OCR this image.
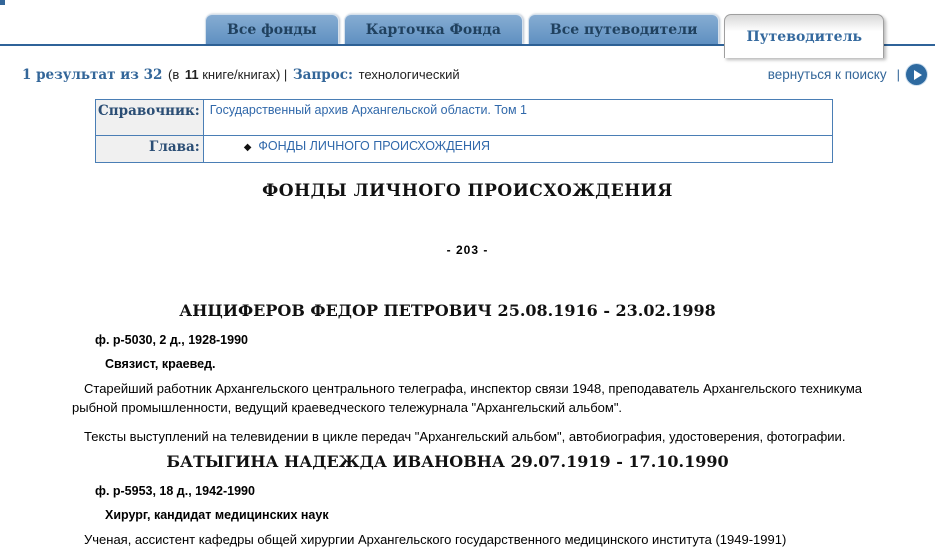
Все фонды	Карточка Фонда	Все путеводители	Путеводитель
1 результат из 32 (в 11 книге/книгах) | Запрос: технологический	вернуться к поиску |
Справочник:	Государственный архив Архангельской области. Том 1
Глава:	◆ ФОНДЫ ЛИЧНОГО ПРОИСХОЖДЕНИЯ
ФОНДЫ ЛИЧНОГО ПРОИСХОЖДЕНИЯ
- 203 -
АНЦИФЕРОВ ФЕДОР ПЕТРОВИЧ 25.08.1916 - 23.02.1998
ф. р-5030, 2 д., 1928-1990
Связист, краевед.

Старейший работник Архангельского центрального телеграфа, инспектор связи 1948, преподаватель Архангельского техникума рыбной промышленности, ведущий краеведческого тележурнала "Архангельский альбом".

Тексты выступлений на телевидении в цикле передач "Архангельский альбом", автобиография, удостоверения, фотографии.

БАТЫГИНА НАДЕЖДА ИВАНОВНА 29.07.1919 - 17.10.1990
ф. р-5953, 18 д., 1942-1990
Хирург, кандидат медицинских наук

Ученая, ассистент кафедры общей хирургии Архангельского государственного медицинского института (1949-1991)
